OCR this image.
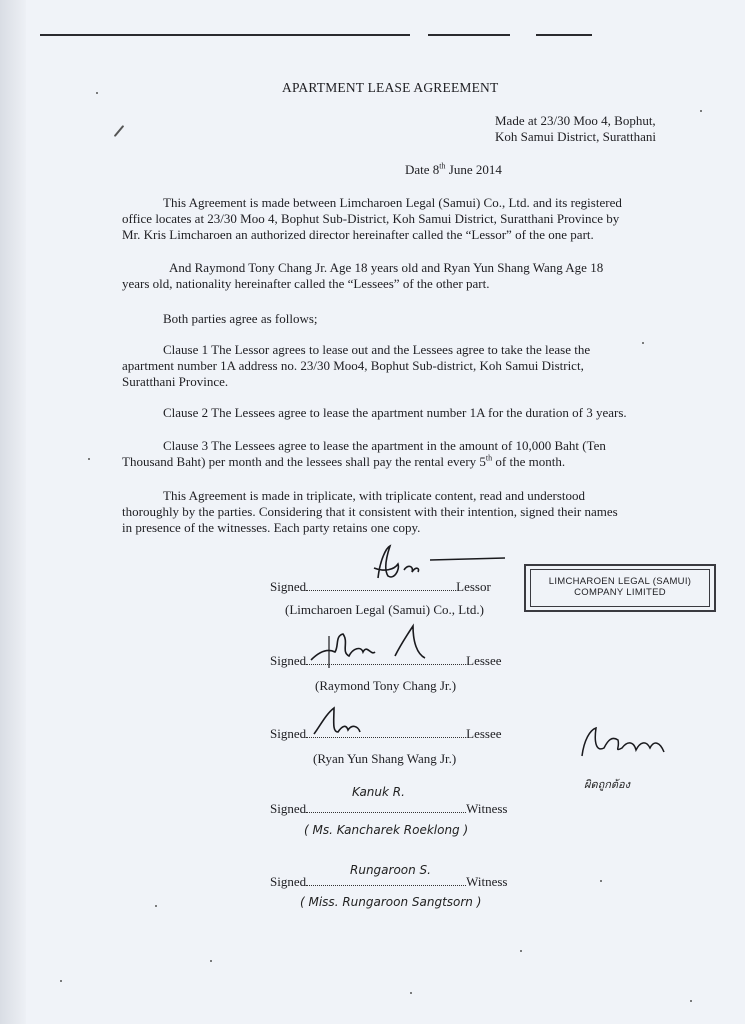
APARTMENT LEASE AGREEMENT
Made at 23/30 Moo 4, Bophut,
Koh Samui District, Suratthani
Date 8th June 2014
This Agreement is made between Limcharoen Legal (Samui) Co., Ltd. and its registered
office locates at 23/30 Moo 4, Bophut Sub-District, Koh Samui District, Suratthani Province by
Mr. Kris Limcharoen an authorized director hereinafter called the “Lessor” of the one part.
And Raymond Tony Chang Jr. Age 18 years old and Ryan Yun Shang Wang Age 18
years old, nationality hereinafter called the “Lessees” of the other part.
Both parties agree as follows;
Clause 1 The Lessor agrees to lease out and the Lessees agree to take the lease the
apartment number 1A address no. 23/30 Moo4, Bophut Sub-district, Koh Samui District,
Suratthani Province.
Clause 2 The Lessees agree to lease the apartment number 1A for the duration of 3 years.
Clause 3 The Lessees agree to lease the apartment in the amount of 10,000 Baht (Ten
Thousand Baht) per month and the lessees shall pay the rental every 5th of the month.
This Agreement is made in triplicate, with triplicate content, read and understood
thoroughly by the parties. Considering that it consistent with their intention, signed their names
in presence of the witnesses. Each party retains one copy.
Signed	Lessor
(Limcharoen Legal (Samui) Co., Ltd.)
LIMCHAROEN LEGAL (SAMUI)
COMPANY LIMITED
Signed	Lessee
(Raymond Tony Chang Jr.)
Signed	Lessee
(Ryan Yun Shang Wang Jr.)
ผิดถูกต้อง
Signed	Witness
Kanuk R.
( Ms. Kancharek Roeklong )
Signed	Witness
Rungaroon S.
( Miss. Rungaroon Sangtsorn )
